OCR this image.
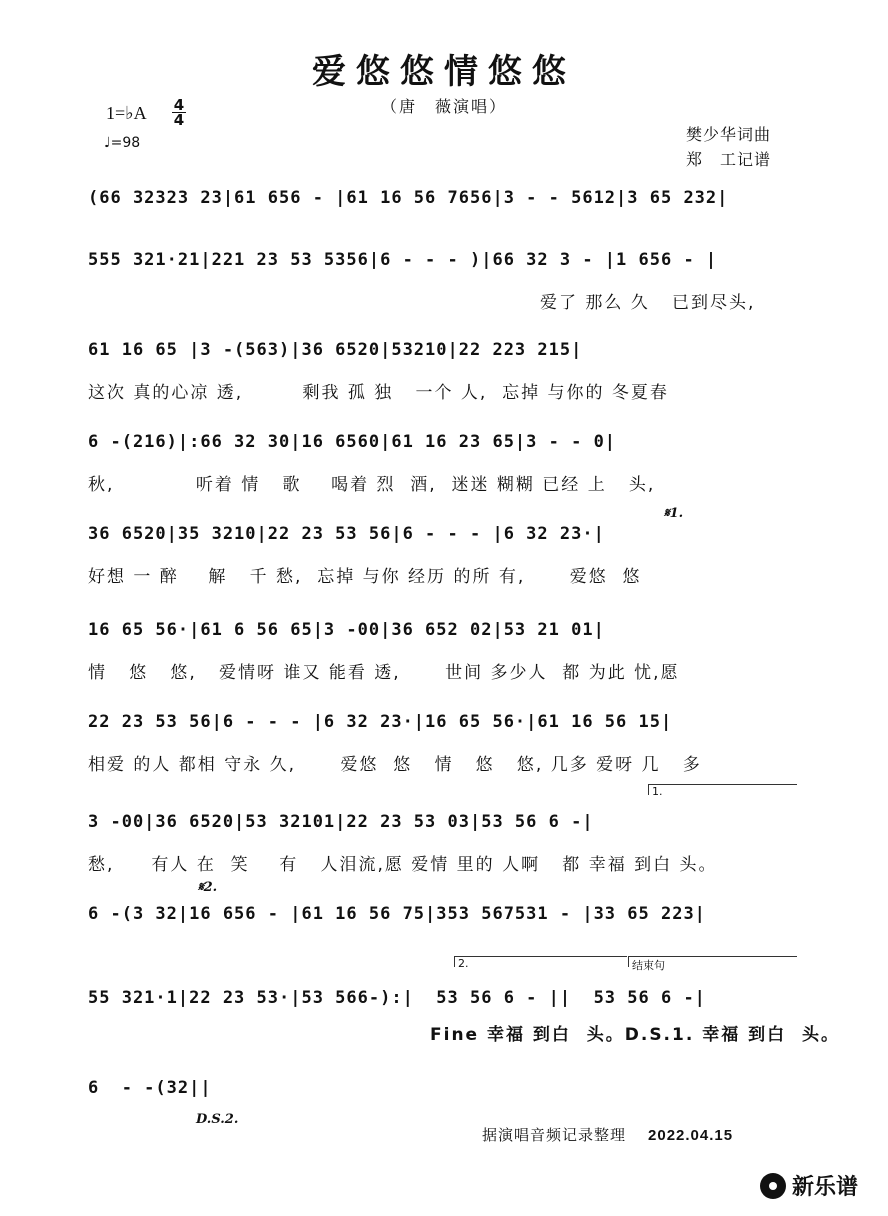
爱悠悠情悠悠
（唐　薇演唱）
1=♭A 4
4
♩=98	樊少华词曲
郑　工记谱
(66 32323 23|61 656 - |61 16 56 7656|3 - - 5612|3 65 232|
555 321·21|221 23 53 5356|6 - - - )|66 32 3 - |1 656 - |
爱了 那么 久   已到尽头,
61 16 65 |3 -(563)|36 6520|53210|22 223 215|
这次 真的心凉 透,        剩我 孤 独   一个 人,  忘掉 与你的 冬夏春
6 -(216)|:66 32 30|16 6560|61 16 23 65|3 - - 0|
秋,           听着 情   歌    喝着 烈  酒,  迷迷 糊糊 已经 上   头,
𝄋1.
36 6520|35 3210|22 23 53 56|6 - - - |6 32 23·|
好想 一 醉    解   千 愁,  忘掉 与你 经历 的所 有,      爱悠  悠
16 65 56·|61 6 56 65|3 -00|36 652 02|53 21 01|
情   悠   悠,   爱情呀 谁又 能看 透,      世间 多少人  都 为此 忧,愿
22 23 53 56|6 - - - |6 32 23·|16 65 56·|61 16 56 15|
相爱 的人 都相 守永 久,      爱悠  悠   情   悠   悠, 几多 爱呀 几   多
1.
3 -00|36 6520|53 32101|22 23 53 03|53 56 6 -|
愁,     有人 在  笑    有   人泪流,愿 爱情 里的 人啊   都 幸福 到白 头。
𝄋2.
6 -(3 32|16 656 - |61 16 56 75|353 567531 - |33 65 223|
2.	结束句
55 321·1|22 23 53·|53 566-):|  53 56 6 - ||  53 56 6 -|
Fine 幸福 到白  头。D.S.1. 幸福 到白  头。
6  - -(32||
D.S.2.
据演唱音频记录整理 2022.04.15
新乐谱
